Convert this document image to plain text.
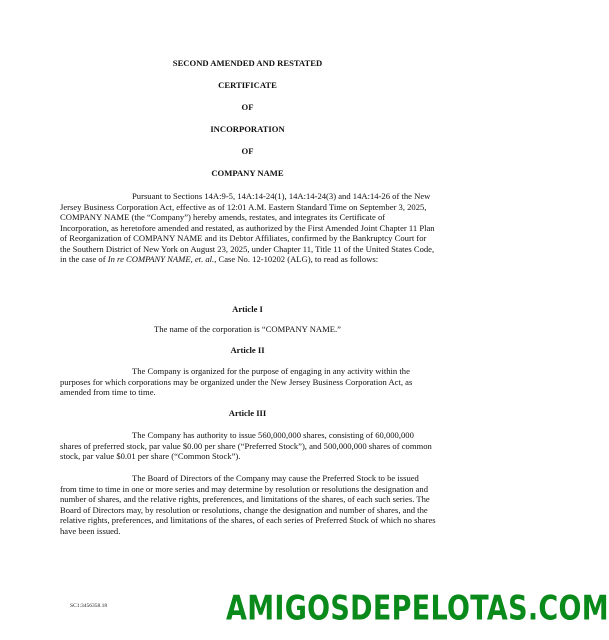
SECOND AMENDED AND RESTATED
CERTIFICATE
OF
INCORPORATION
OF
COMPANY NAME
Pursuant to Sections 14A:9-5, 14A:14-24(1), 14A:14-24(3) and 14A:14-26 of the New Jersey Business Corporation Act, effective as of 12:01 A.M. Eastern Standard Time on September 3, 2025, COMPANY NAME (the “Company”) hereby amends, restates, and integrates its Certificate of Incorporation, as heretofore amended and restated, as authorized by the First Amended Joint Chapter 11 Plan of Reorganization of COMPANY NAME and its Debtor Affiliates, confirmed by the Bankruptcy Court for the Southern District of New York on August 23, 2025, under Chapter 11, Title 11 of the United States Code, in the case of In re COMPANY NAME, et. al., Case No. 12-10202 (ALG), to read as follows:
Article I
The name of the corporation is “COMPANY NAME.”
Article II
The Company is organized for the purpose of engaging in any activity within the purposes for which corporations may be organized under the New Jersey Business Corporation Act, as amended from time to time.
Article III
The Company has authority to issue 560,000,000 shares, consisting of 60,000,000 shares of preferred stock, par value $0.00 per share (“Preferred Stock”), and 500,000,000 shares of common stock, par value $0.01 per share (“Common Stock”).
The Board of Directors of the Company may cause the Preferred Stock to be issued from time to time in one or more series and may determine by resolution or resolutions the designation and number of shares, and the relative rights, preferences, and limitations of the shares, of each such series. The Board of Directors may, by resolution or resolutions, change the designation and number of shares, and the relative rights, preferences, and limitations of the shares, of each series of Preferred Stock of which no shares have been issued.
SC1:3456358.18	AMIGOSDEPELOTAS.COM
